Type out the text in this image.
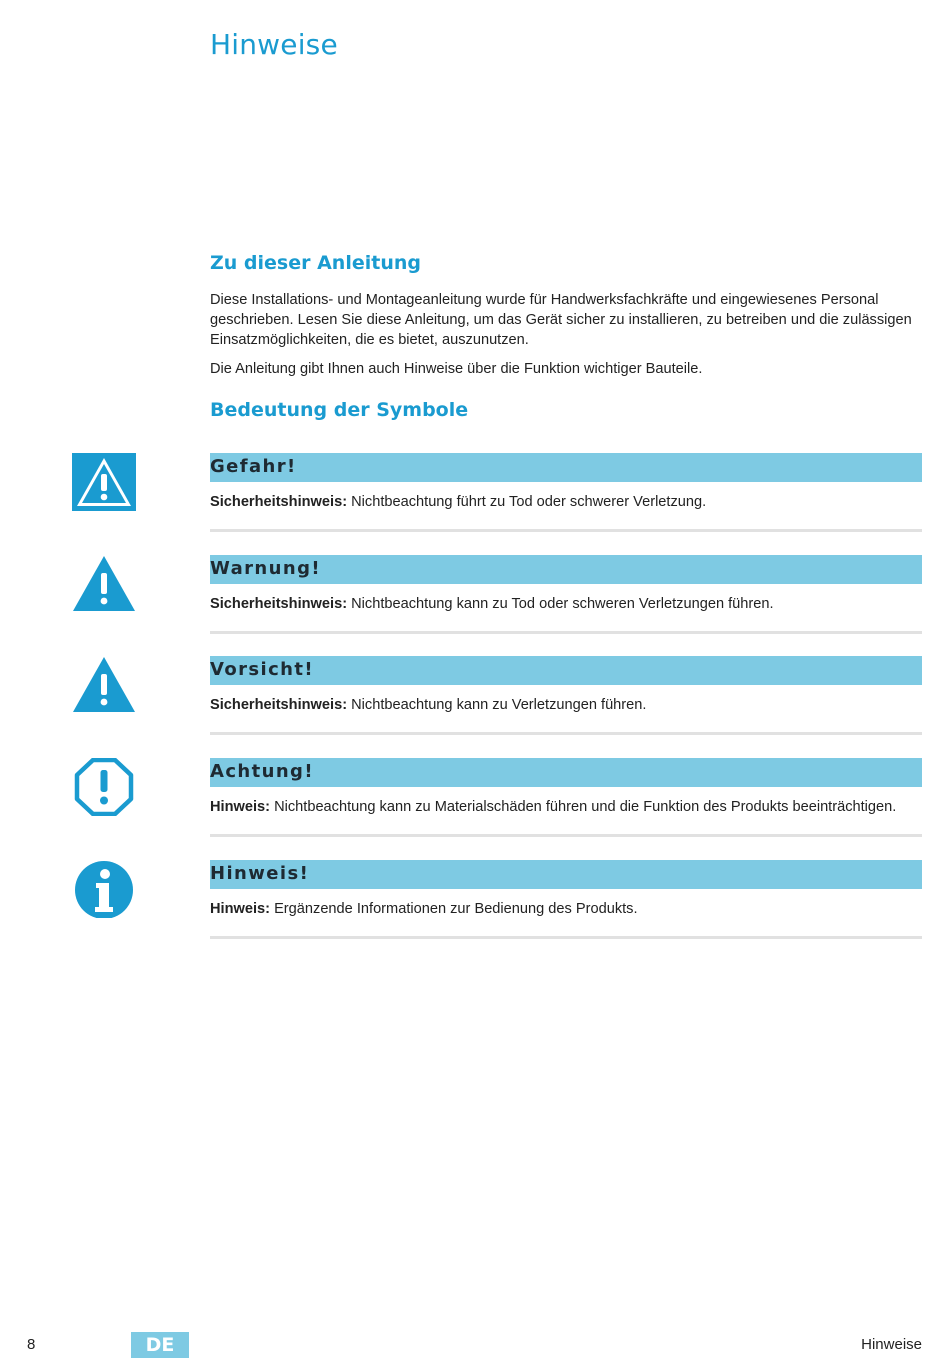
Hinweise
Zu dieser Anleitung

Diese Installations- und Montageanleitung wurde für Handwerksfachkräfte und eingewiesenes Personal geschrieben. Lesen Sie diese Anleitung, um das Gerät sicher zu installieren, zu betreiben und die zulässigen Einsatzmöglichkeiten, die es bietet, auszunutzen.

Die Anleitung gibt Ihnen auch Hinweise über die Funktion wichtiger Bauteile.

Bedeutung der Symbole
Gefahr!
Sicherheitshinweis: Nichtbeachtung führt zu Tod oder schwerer Verletzung.
Warnung!
Sicherheitshinweis: Nichtbeachtung kann zu Tod oder schweren Verletzungen führen.
Vorsicht!
Sicherheitshinweis: Nichtbeachtung kann zu Verletzungen führen.
Achtung!
Hinweis: Nichtbeachtung kann zu Materialschäden führen und die Funktion des Produkts beeinträchtigen.
Hinweis!
Hinweis: Ergänzende Informationen zur Bedienung des Produkts.
8	DE	Hinweise
